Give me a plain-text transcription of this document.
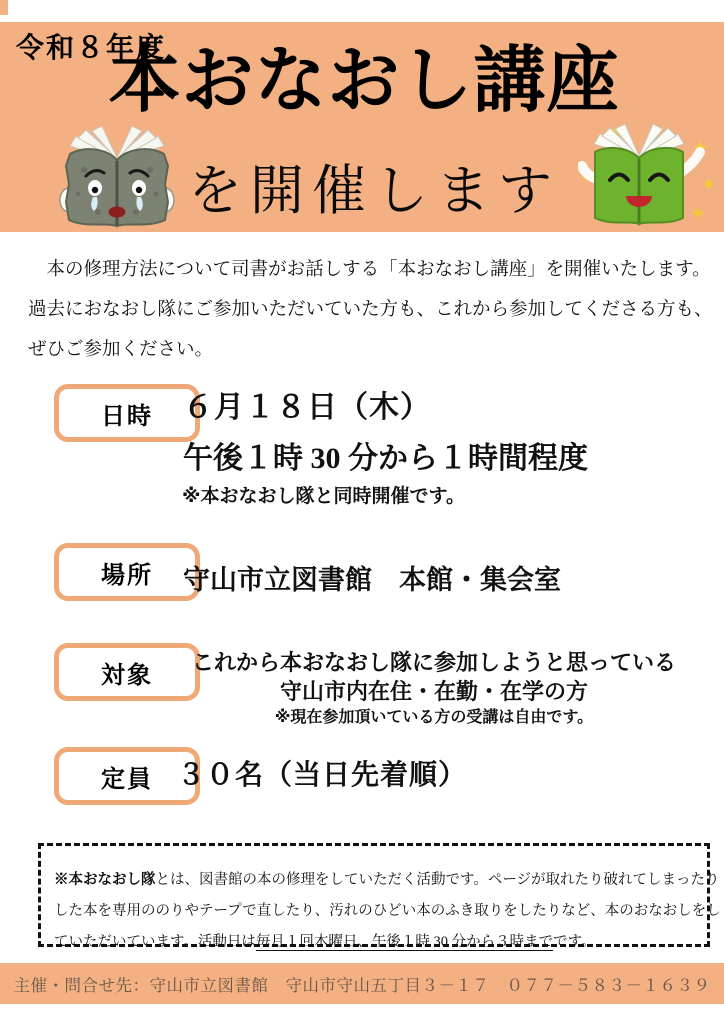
令和８年度
本おなおし講座
を開催します
　本の修理方法について司書がお話しする「本おなおし講座」を開催いたします。
過去におなおし隊にご参加いただいていた方も、これから参加してくださる方も、
ぜひご参加ください。
日時 ６月１８日（木）
午後１時 30 分から１時間程度
※本おなおし隊と同時開催です。
場所 守山市立図書館　本館・集会室
対象	これから本おなおし隊に参加しようと思っている
守山市内在住・在勤・在学の方
※現在参加頂いている方の受講は自由です。
定員 ３０名（当日先着順）
※本おなおし隊とは、図書館の本の修理をしていただく活動です。ページが取れたり破れてしまったり
した本を専用ののりやテープで直したり、汚れのひどい本のふき取りをしたりなど、本のおなおしをし
ていただいています。活動日は毎月１回木曜日、午後１時 30 分から３時までです。
主催・問合せ先：守山市立図書館　守山市守山五丁目３－１７　０７７－５８３－１６３９
